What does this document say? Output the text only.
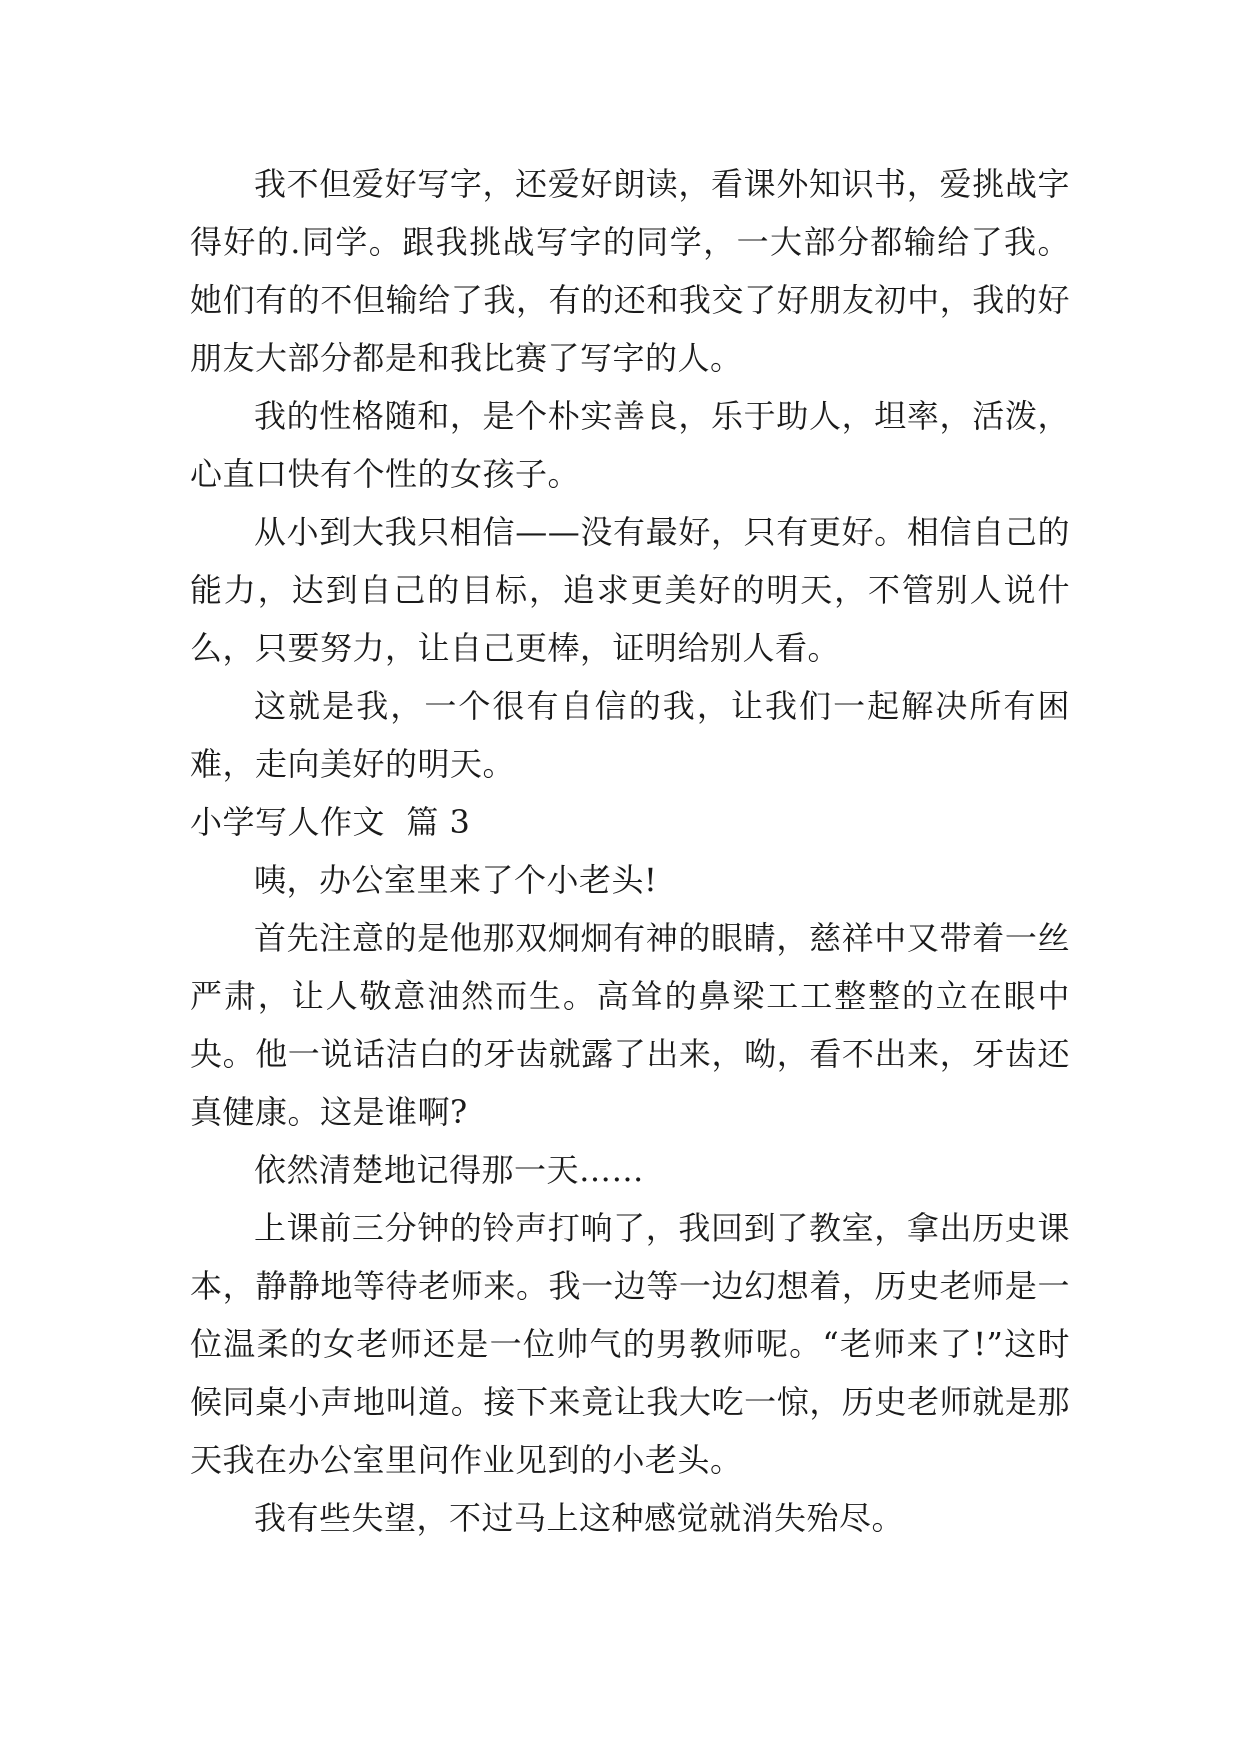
我不但爱好写字，还爱好朗读，看课外知识书，爱挑战字得好的.同学。跟我挑战写字的同学，一大部分都输给了我。她们有的不但输给了我，有的还和我交了好朋友初中，我的好朋友大部分都是和我比赛了写字的人。

我的性格随和，是个朴实善良，乐于助人，坦率，活泼，心直口快有个性的女孩子。

从小到大我只相信——没有最好，只有更好。相信自己的能力，达到自己的目标，追求更美好的明天，不管别人说什么，只要努力，让自己更棒，证明给别人看。

这就是我，一个很有自信的我，让我们一起解决所有困难，走向美好的明天。

小学写人作文  篇 3

咦，办公室里来了个小老头!

首先注意的是他那双炯炯有神的眼睛，慈祥中又带着一丝严肃，让人敬意油然而生。高耸的鼻梁工工整整的立在眼中央。他一说话洁白的牙齿就露了出来，呦，看不出来，牙齿还真健康。这是谁啊?

依然清楚地记得那一天……

上课前三分钟的铃声打响了，我回到了教室，拿出历史课本，静静地等待老师来。我一边等一边幻想着，历史老师是一位温柔的女老师还是一位帅气的男教师呢。“老师来了!”这时候同桌小声地叫道。接下来竟让我大吃一惊，历史老师就是那天我在办公室里问作业见到的小老头。

我有些失望，不过马上这种感觉就消失殆尽。
